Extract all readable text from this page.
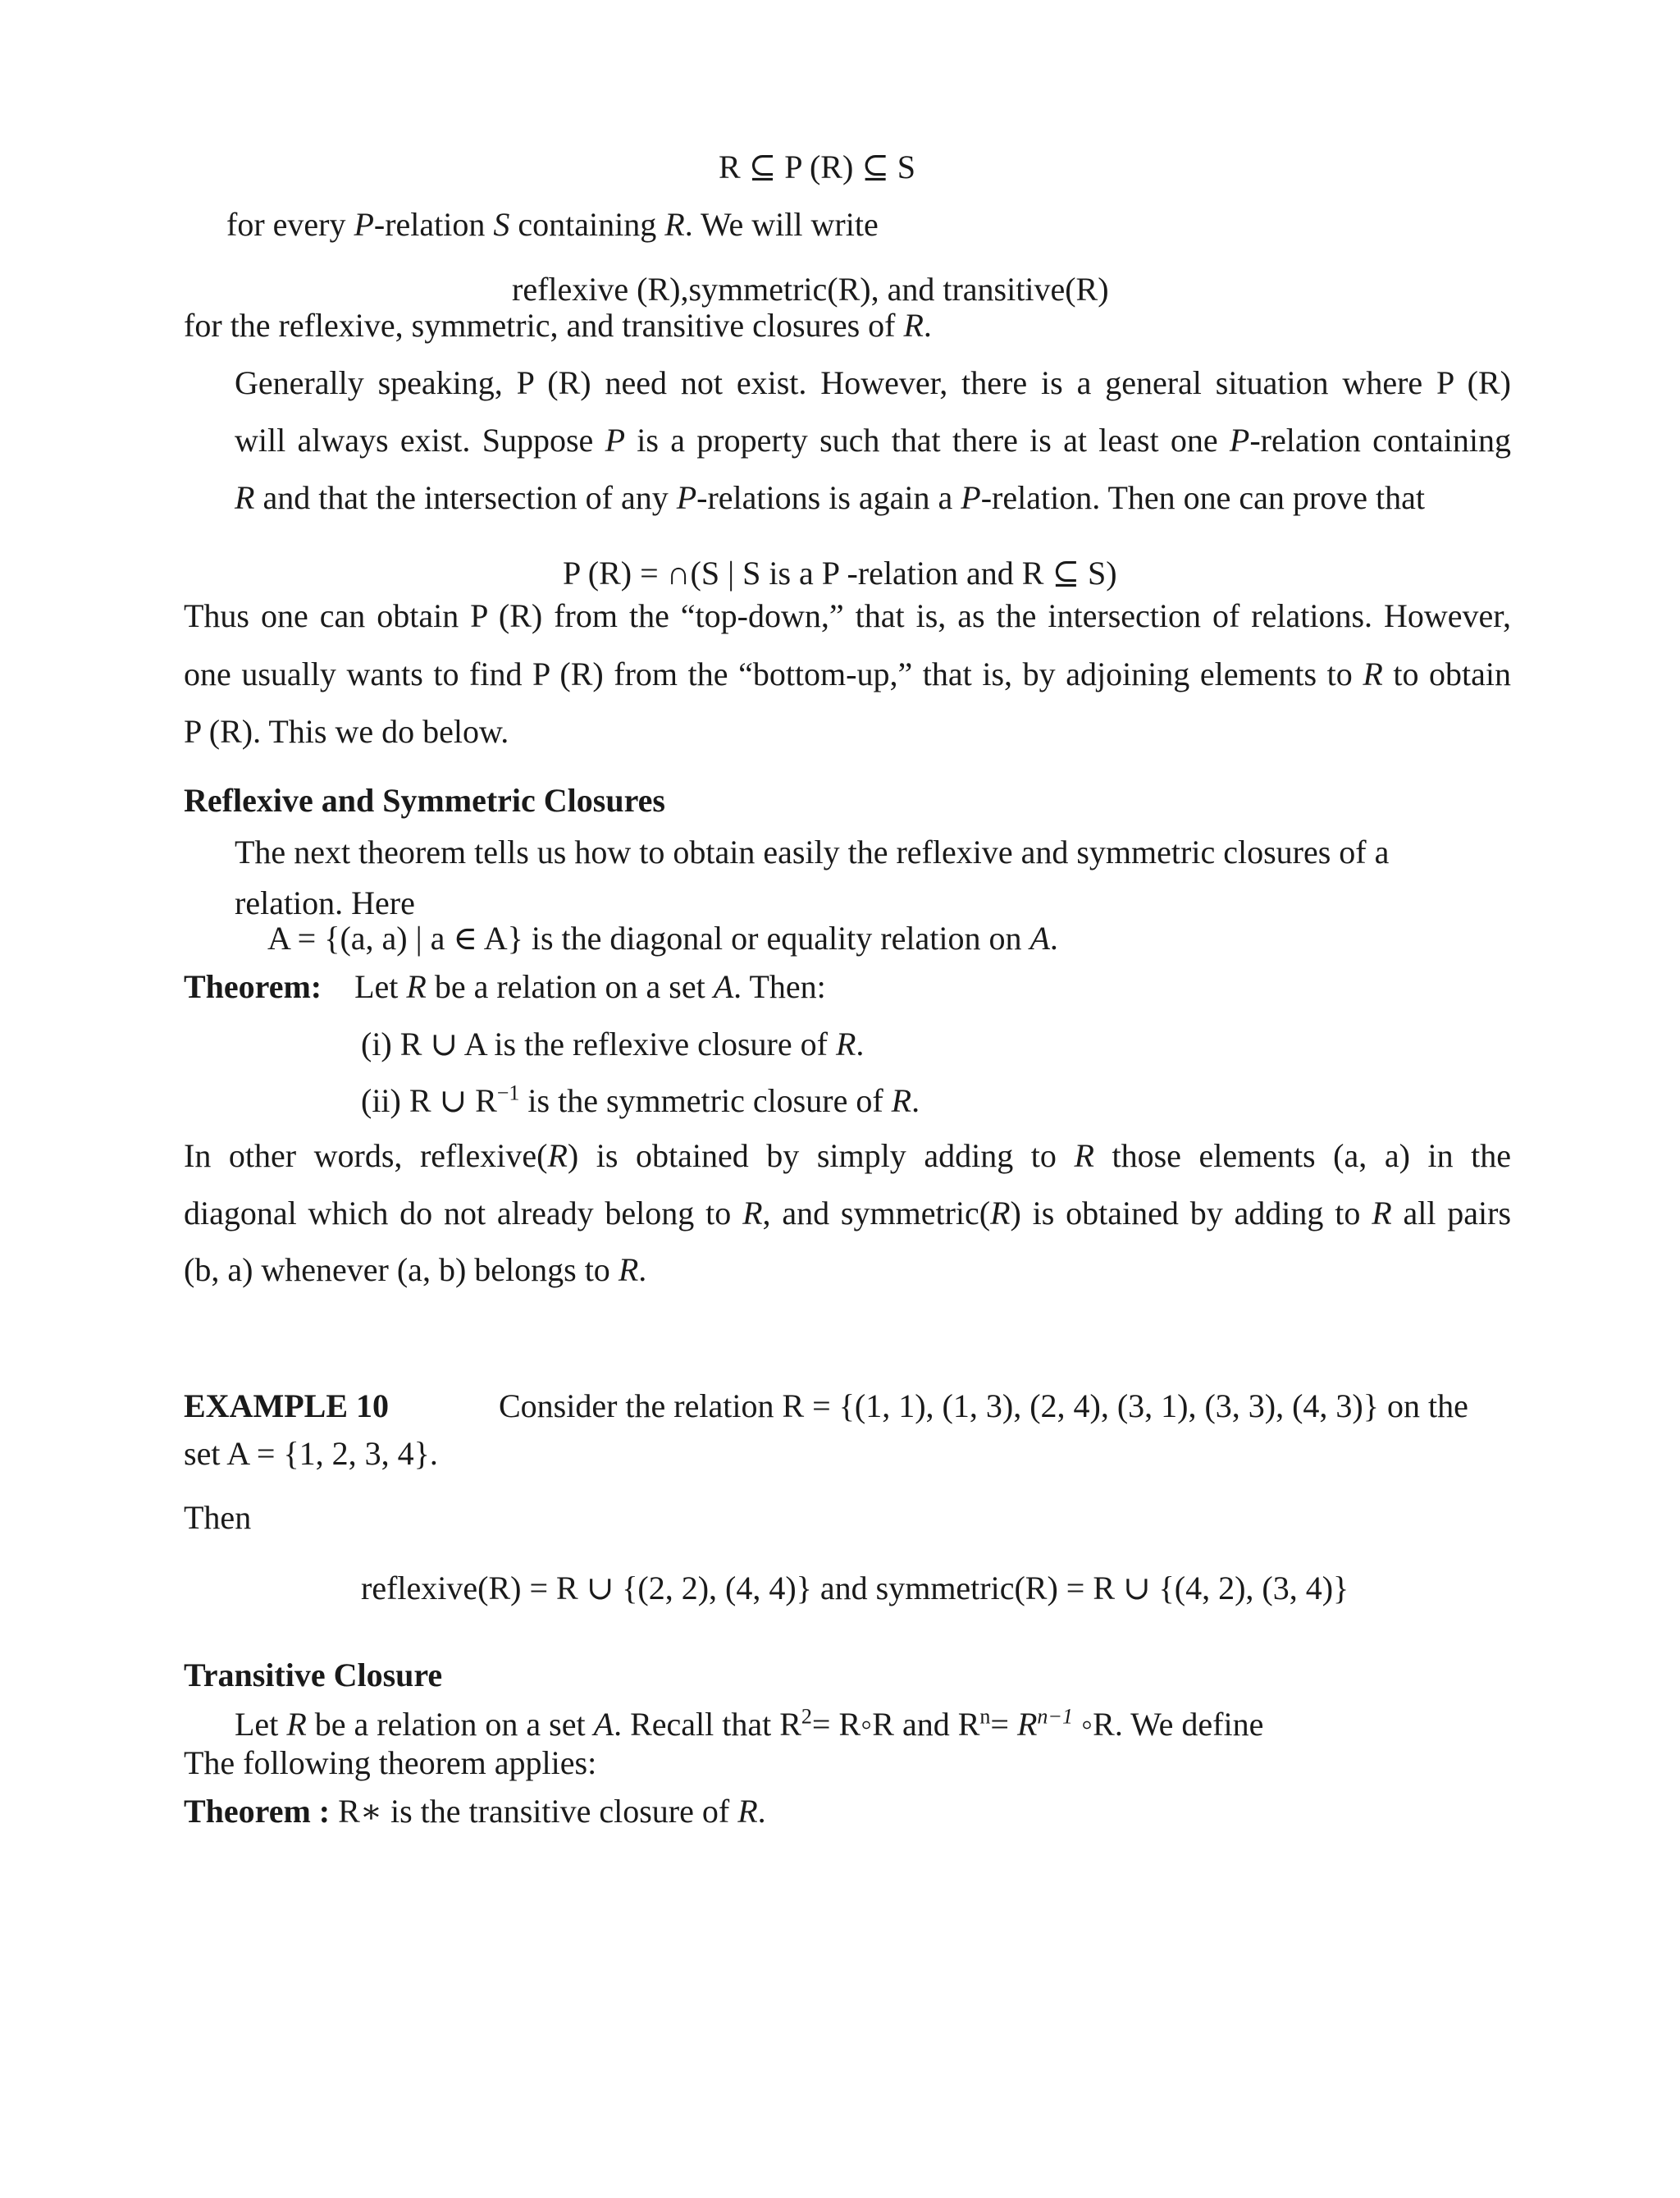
R ⊆ P (R) ⊆ S
for every P-relation S containing R. We will write
reflexive (R),symmetric(R), and transitive(R)
for the reflexive, symmetric, and transitive closures of R.
Generally speaking, P (R) need not exist. However, there is a general situation where P (R)
will always exist. Suppose P is a property such that there is at least one P-relation containing
R and that the intersection of any P-relations is again a P-relation. Then one can prove that
P (R) = ∩(S | S is a P -relation and R ⊆ S)
Thus one can obtain P (R) from the “top-down,” that is, as the intersection of relations. However,
one usually wants to find P (R) from the “bottom-up,” that is, by adjoining elements to R to obtain
P (R). This we do below.
Reflexive and Symmetric Closures
The next theorem tells us how to obtain easily the reflexive and symmetric closures of a
relation. Here
A = {(a, a) | a ∈ A} is the diagonal or equality relation on A.
Theorem: Let R be a relation on a set A. Then:
(i) R ∪ A is the reflexive closure of R.
(ii) R ∪ $R^{-1}$ is the symmetric closure of R.
In other words, reflexive(R) is obtained by simply adding to R those elements (a, a) in the
diagonal which do not already belong to R, and symmetric(R) is obtained by adding to R all pairs
(b, a) whenever (a, b) belongs to R.
EXAMPLE 10	Consider the relation R = {(1, 1), (1, 3), (2, 4), (3, 1), (3, 3), (4, 3)} on the
set A = {1, 2, 3, 4}.
Then
reflexive(R) = R ∪ {(2, 2), (4, 4)} and symmetric(R) = R ∪ {(4, 2), (3, 4)}
Transitive Closure
Let R be a relation on a set A. Recall that $R^2=$ R◦R and $R^n= R^{n-1}$ ◦R. We define
The following theorem applies:
Theorem : R∗ is the transitive closure of R.
